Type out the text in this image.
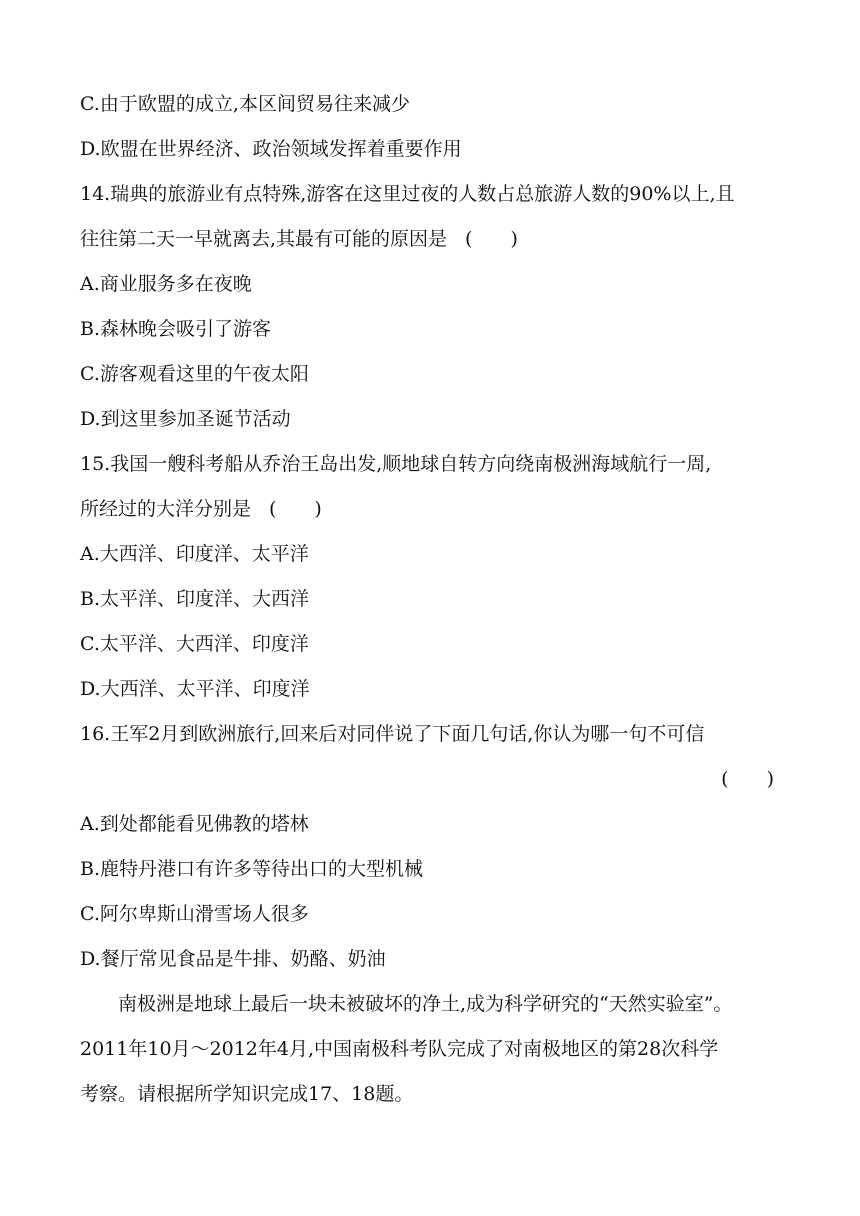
C.由于欧盟的成立,本区间贸易往来减少
D.欧盟在世界经济、政治领域发挥着重要作用
14.瑞典的旅游业有点特殊,游客在这里过夜的人数占总旅游人数的90%以上,且
往往第二天一早就离去,其最有可能的原因是 (　　)
A.商业服务多在夜晚
B.森林晚会吸引了游客
C.游客观看这里的午夜太阳
D.到这里参加圣诞节活动
15.我国一艘科考船从乔治王岛出发,顺地球自转方向绕南极洲海域航行一周,
所经过的大洋分别是 (　　)
A.大西洋、印度洋、太平洋
B.太平洋、印度洋、大西洋
C.太平洋、大西洋、印度洋
D.大西洋、太平洋、印度洋
16.王军2月到欧洲旅行,回来后对同伴说了下面几句话,你认为哪一句不可信
(　　)
A.到处都能看见佛教的塔林
B.鹿特丹港口有许多等待出口的大型机械
C.阿尔卑斯山滑雪场人很多
D.餐厅常见食品是牛排、奶酪、奶油
南极洲是地球上最后一块未被破坏的净土,成为科学研究的“天然实验室”。
2011年10月～2012年4月,中国南极科考队完成了对南极地区的第28次科学
考察。请根据所学知识完成17、18题。
